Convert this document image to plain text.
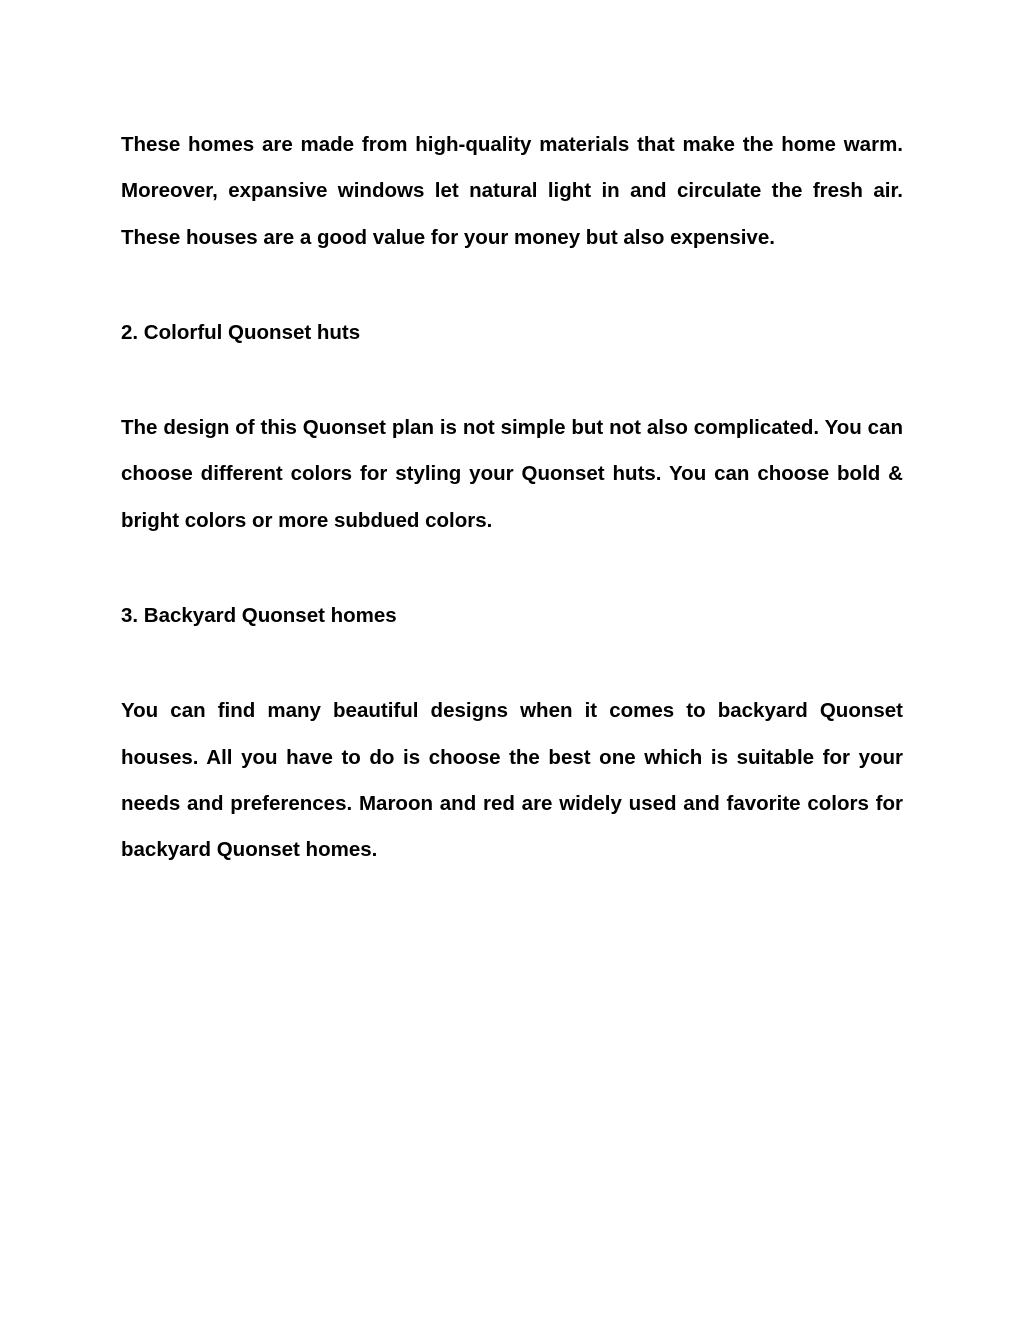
These homes are made from high-quality materials that make the home warm. Moreover, expansive windows let natural light in and circulate the fresh air. These houses are a good value for your money but also expensive.

2. Colorful Quonset huts

The design of this Quonset plan is not simple but not also complicated. You can choose different colors for styling your Quonset huts. You can choose bold & bright colors or more subdued colors.

3. Backyard Quonset homes

You can find many beautiful designs when it comes to backyard Quonset houses. All you have to do is choose the best one which is suitable for your needs and preferences. Maroon and red are widely used and favorite colors for backyard Quonset homes.
